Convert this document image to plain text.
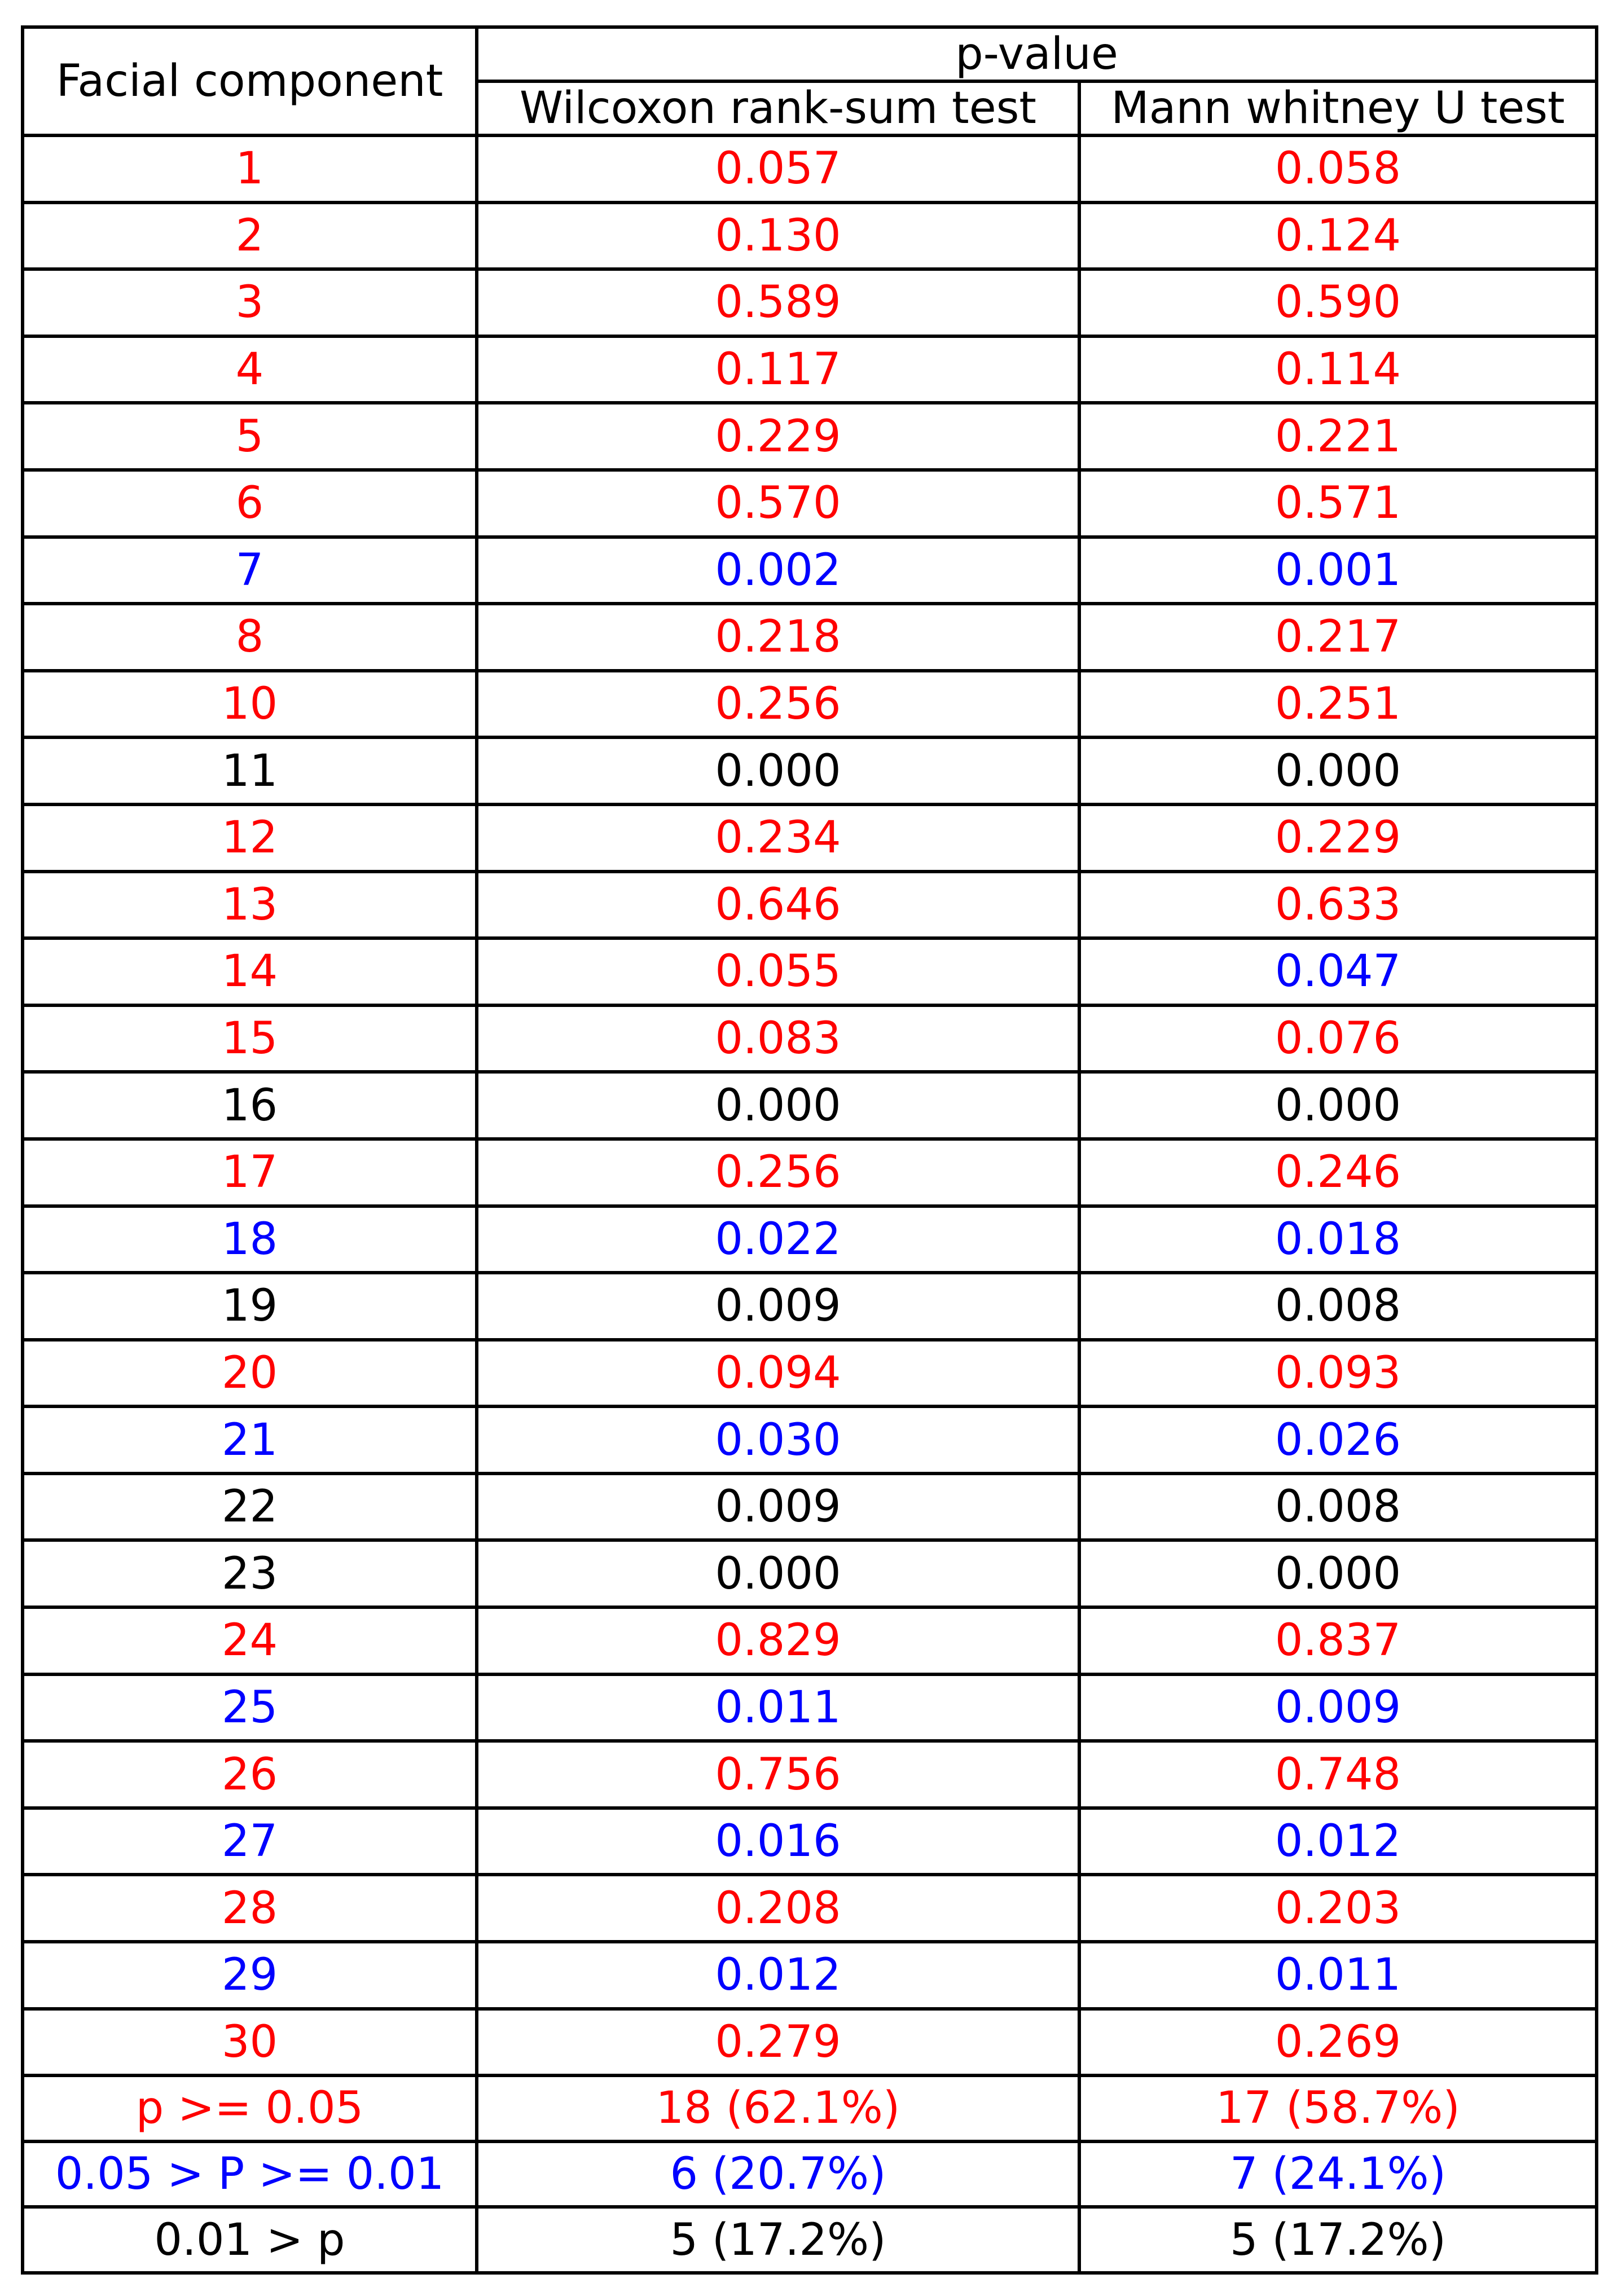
Facial component	p-value	
	Wilcoxon rank-sum test	Mann whitney U test
1	0.057	0.058
2	0.130	0.124
3	0.589	0.590
4	0.117	0.114
5	0.229	0.221
6	0.570	0.571
7	0.002	0.001
8	0.218	0.217
10	0.256	0.251
11	0.000	0.000
12	0.234	0.229
13	0.646	0.633
14	0.055	0.047
15	0.083	0.076
16	0.000	0.000
17	0.256	0.246
18	0.022	0.018
19	0.009	0.008
20	0.094	0.093
21	0.030	0.026
22	0.009	0.008
23	0.000	0.000
24	0.829	0.837
25	0.011	0.009
26	0.756	0.748
27	0.016	0.012
28	0.208	0.203
29	0.012	0.011
30	0.279	0.269
p >= 0.05	18 (62.1%)	17 (58.7%)
0.05 > P >= 0.01	6 (20.7%)	7 (24.1%)
0.01 > p	5 (17.2%)	5 (17.2%)
